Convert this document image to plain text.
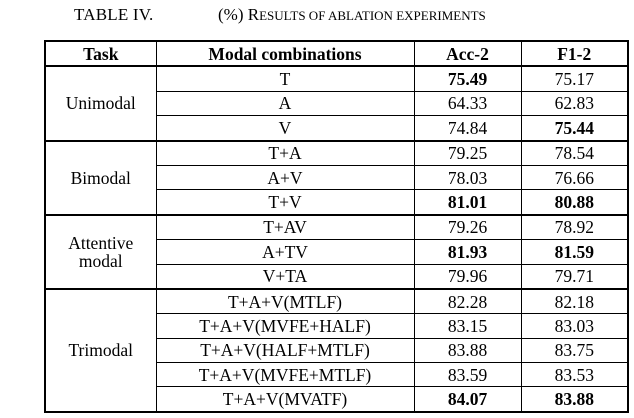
TABLE IV.	(%) RESULTS OF ABLATION EXPERIMENTS
Task	Modal combinations	Acc-2	F1-2
Unimodal	T	75.49	75.17
	A	64.33	62.83
	V	74.84	75.44
Bimodal	T+A	79.25	78.54
	A+V	78.03	76.66
	T+V	81.01	80.88
Attentive modal	T+AV	79.26	78.92
	A+TV	81.93	81.59
	V+TA	79.96	79.71
Trimodal	T+A+V(MTLF)	82.28	82.18
	T+A+V(MVFE+HALF)	83.15	83.03
	T+A+V(HALF+MTLF)	83.88	83.75
	T+A+V(MVFE+MTLF)	83.59	83.53
	T+A+V(MVATF)	84.07	83.88
